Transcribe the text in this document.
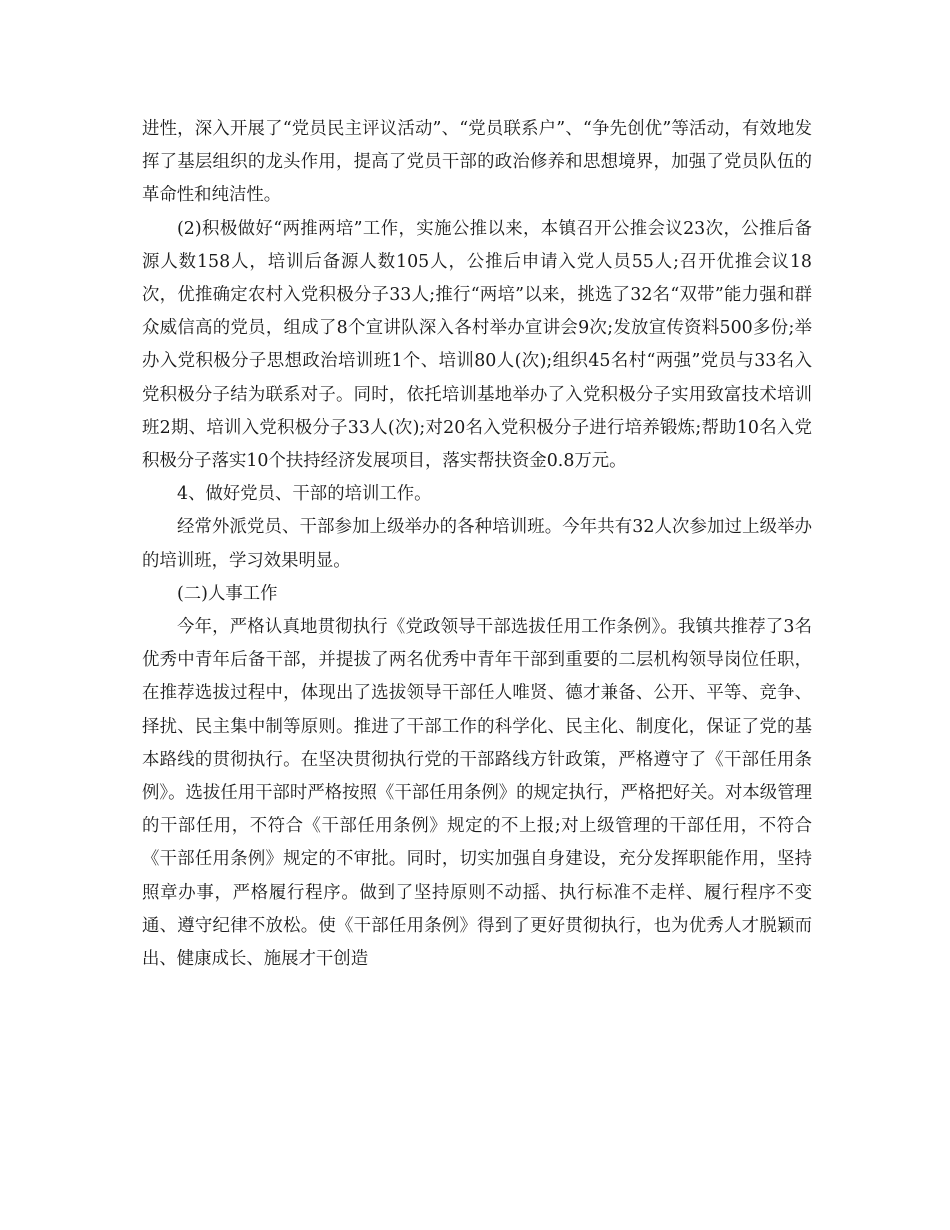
进性，深入开展了“党员民主评议活动”、“党员联系户”、“争先创优”等活动，有效地发挥了基层组织的龙头作用，提高了党员干部的政治修养和思想境界，加强了党员队伍的革命性和纯洁性。

(2)积极做好“两推两培”工作，实施公推以来，本镇召开公推会议23次，公推后备源人数158人，培训后备源人数105人，公推后申请入党人员55人;召开优推会议18次，优推确定农村入党积极分子33人;推行“两培”以来，挑选了32名“双带”能力强和群众威信高的党员，组成了8个宣讲队深入各村举办宣讲会9次;发放宣传资料500多份;举办入党积极分子思想政治培训班1个、培训80人(次);组织45名村“两强”党员与33名入党积极分子结为联系对子。同时，依托培训基地举办了入党积极分子实用致富技术培训班2期、培训入党积极分子33人(次);对20名入党积极分子进行培养锻炼;帮助10名入党积极分子落实10个扶持经济发展项目，落实帮扶资金0.8万元。

4、做好党员、干部的培训工作。

经常外派党员、干部参加上级举办的各种培训班。今年共有32人次参加过上级举办的培训班，学习效果明显。

(二)人事工作

今年，严格认真地贯彻执行《党政领导干部选拔任用工作条例》。我镇共推荐了3名优秀中青年后备干部，并提拔了两名优秀中青年干部到重要的二层机构领导岗位任职，在推荐选拔过程中，体现出了选拔领导干部任人唯贤、德才兼备、公开、平等、竞争、择扰、民主集中制等原则。推进了干部工作的科学化、民主化、制度化，保证了党的基本路线的贯彻执行。在坚决贯彻执行党的干部路线方针政策，严格遵守了《干部任用条例》。选拔任用干部时严格按照《干部任用条例》的规定执行，严格把好关。对本级管理的干部任用，不符合《干部任用条例》规定的不上报;对上级管理的干部任用，不符合《干部任用条例》规定的不审批。同时，切实加强自身建设，充分发挥职能作用，坚持照章办事，严格履行程序。做到了坚持原则不动摇、执行标准不走样、履行程序不变通、遵守纪律不放松。使《干部任用条例》得到了更好贯彻执行，也为优秀人才脱颖而出、健康成长、施展才干创造
